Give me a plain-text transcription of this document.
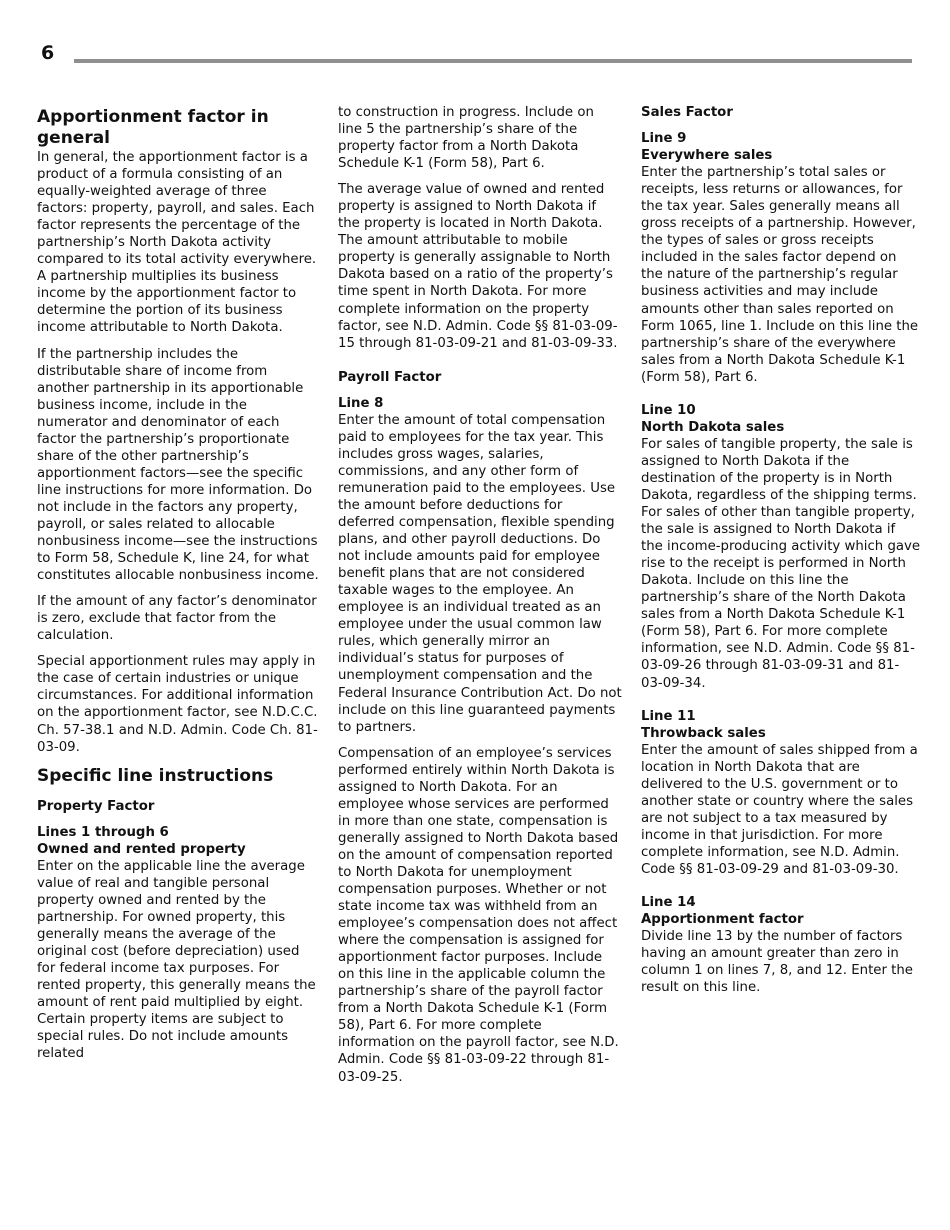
6
Apportionment factor in general

In general, the apportionment factor is a product of a formula consisting of an equally-weighted average of three factors: property, payroll, and sales. Each factor represents the percentage of the partnership’s North Dakota activity compared to its total activity everywhere. A partnership multiplies its business income by the apportionment factor to determine the portion of its business income attributable to North Dakota.

If the partnership includes the distributable share of income from another partnership in its apportionable business income, include in the numerator and denominator of each factor the partnership’s proportionate share of the other partnership’s apportionment factors—see the specific line instructions for more information. Do not include in the factors any property, payroll, or sales related to allocable nonbusiness income—see the instructions to Form 58, Schedule K, line 24, for what constitutes allocable nonbusiness income.

If the amount of any factor’s denominator is zero, exclude that factor from the calculation.

Special apportionment rules may apply in the case of certain industries or unique circumstances. For additional information on the apportionment factor, see N.D.C.C. Ch. 57-38.1 and N.D. Admin. Code Ch. 81-03-09.

Specific line instructions
Property Factor
Lines 1 through 6
Owned and rented property

Enter on the applicable line the average value of real and tangible personal property owned and rented by the partnership. For owned property, this generally means the average of the original cost (before depreciation) used for federal income tax purposes. For rented property, this generally means the amount of rent paid multiplied by eight. Certain property items are subject to special rules. Do not include amounts related

to construction in progress. Include on line 5 the partnership’s share of the property factor from a North Dakota Schedule K-1 (Form 58), Part 6.

The average value of owned and rented property is assigned to North Dakota if the property is located in North Dakota. The amount attributable to mobile property is generally assignable to North Dakota based on a ratio of the property’s time spent in North Dakota. For more complete information on the property factor, see N.D. Admin. Code §§ 81-03-09-15 through 81-03-09-21 and 81-03-09-33.

Payroll Factor
Line 8

Enter the amount of total compensation paid to employees for the tax year. This includes gross wages, salaries, commissions, and any other form of remuneration paid to the employees. Use the amount before deductions for deferred compensation, flexible spending plans, and other payroll deductions. Do not include amounts paid for employee benefit plans that are not considered taxable wages to the employee. An employee is an individual treated as an employee under the usual common law rules, which generally mirror an individual’s status for purposes of unemployment compensation and the Federal Insurance Contribution Act. Do not include on this line guaranteed payments to partners.

Compensation of an employee’s services performed entirely within North Dakota is assigned to North Dakota. For an employee whose services are performed in more than one state, compensation is generally assigned to North Dakota based on the amount of compensation reported to North Dakota for unemployment compensation purposes. Whether or not state income tax was withheld from an employee’s compensation does not affect where the compensation is assigned for apportionment factor purposes. Include on this line in the applicable column the partnership’s share of the payroll factor from a North Dakota Schedule K-1 (Form 58), Part 6. For more complete information on the payroll factor, see N.D. Admin. Code §§ 81-03-09-22 through 81-03-09-25.

Sales Factor
Line 9
Everywhere sales

Enter the partnership’s total sales or receipts, less returns or allowances, for the tax year. Sales generally means all gross receipts of a partnership. However, the types of sales or gross receipts included in the sales factor depend on the nature of the partnership’s regular business activities and may include amounts other than sales reported on Form 1065, line 1. Include on this line the partnership’s share of the everywhere sales from a North Dakota Schedule K-1 (Form 58), Part 6.

Line 10
North Dakota sales

For sales of tangible property, the sale is assigned to North Dakota if the destination of the property is in North Dakota, regardless of the shipping terms. For sales of other than tangible property, the sale is assigned to North Dakota if the income-producing activity which gave rise to the receipt is performed in North Dakota. Include on this line the partnership’s share of the North Dakota sales from a North Dakota Schedule K-1 (Form 58), Part 6. For more complete information, see N.D. Admin. Code §§ 81-03-09-26 through 81-03-09-31 and 81-03-09-34.

Line 11
Throwback sales

Enter the amount of sales shipped from a location in North Dakota that are delivered to the U.S. government or to another state or country where the sales are not subject to a tax measured by income in that jurisdiction. For more complete information, see N.D. Admin. Code §§ 81-03-09-29 and 81-03-09-30.

Line 14
Apportionment factor

Divide line 13 by the number of factors having an amount greater than zero in column 1 on lines 7, 8, and 12. Enter the result on this line.
